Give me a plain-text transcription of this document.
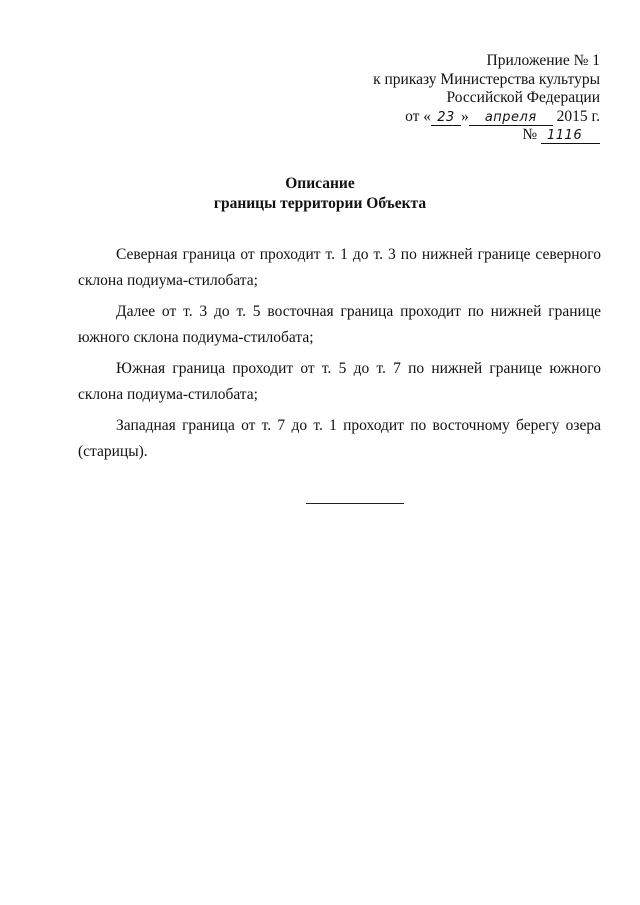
Приложение № 1
к приказу Министерства культуры
Российской Федерации
от « 23 » апреля 2015 г.
№ 1116
Описание
границы территории Объекта

Северная граница от проходит т. 1 до т. 3 по нижней границе северного склона подиума-стилобата;

Далее от т. 3 до т. 5 восточная граница проходит по нижней границе южного склона подиума-стилобата;

Южная граница проходит от т. 5 до т. 7 по нижней границе южного склона подиума-стилобата;

Западная граница от т. 7 до т. 1 проходит по восточному берегу озера (старицы).
